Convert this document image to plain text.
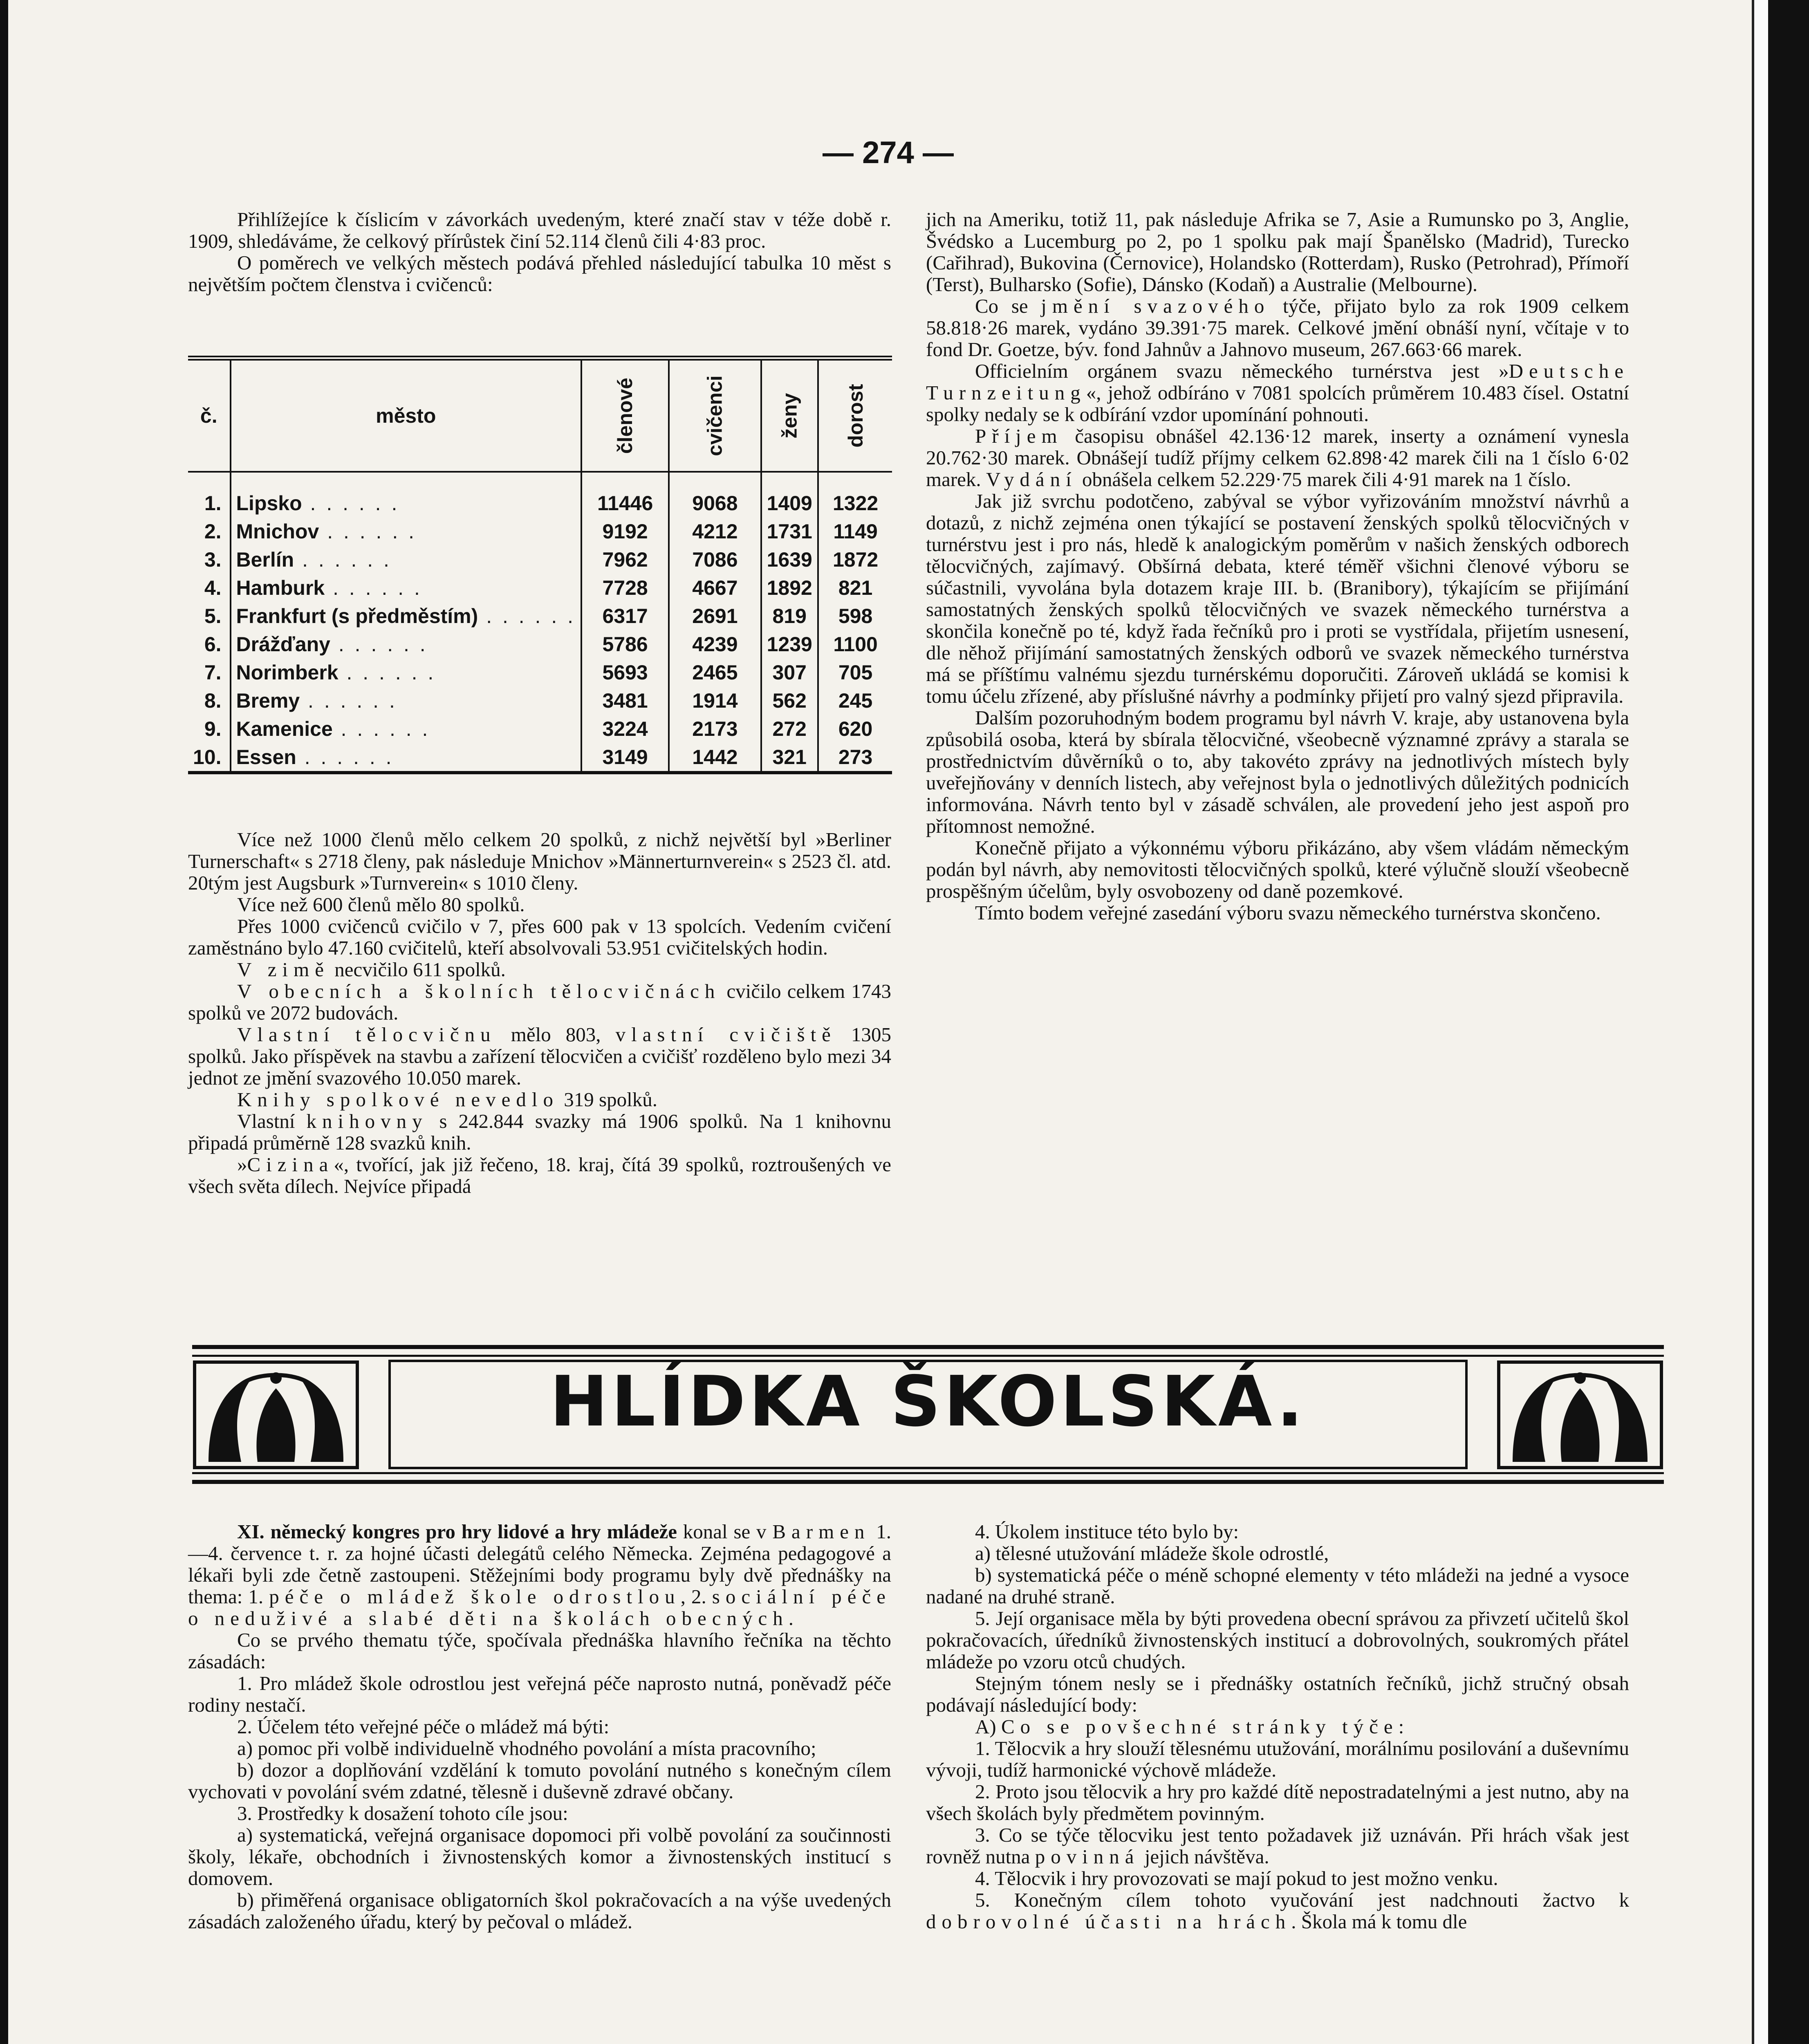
— 274 —

Přihlížejíce k číslicím v závorkách uvedeným, které značí stav v téže době r. 1909, shledáváme, že celkový přírůstek činí 52.114 členů čili 4·83 proc.

O poměrech ve velkých městech podává přehled následující tabulka 10 měst s největším počtem členstva i cvičenců:

č.	město	členové	cvičenci	ženy	dorost
1.	Lipsko . . . . . .	11446	9068	1409	1322
2.	Mnichov . . . . . .	9192	4212	1731	1149
3.	Berlín . . . . . .	7962	7086	1639	1872
4.	Hamburk . . . . . .	7728	4667	1892	821
5.	Frankfurt (s předměstím) . . . . . .	6317	2691	819	598
6.	Drážďany . . . . . .	5786	4239	1239	1100
7.	Norimberk . . . . . .	5693	2465	307	705
8.	Bremy . . . . . .	3481	1914	562	245
9.	Kamenice . . . . . .	3224	2173	272	620
10.	Essen . . . . . .	3149	1442	321	273

Více než 1000 členů mělo celkem 20 spolků, z nichž největší byl »Berliner Turnerschaft« s 2718 členy, pak následuje Mnichov »Männerturnverein« s 2523 čl. atd. 20tým jest Augsburk »Turnverein« s 1010 členy.

Více než 600 členů mělo 80 spolků.

Přes 1000 cvičenců cvičilo v 7, přes 600 pak v 13 spolcích. Vedením cvičení zaměstnáno bylo 47.160 cvičitelů, kteří absolvovali 53.951 cvičitelských hodin.

V zimě necvičilo 611 spolků.

V obecních a školních tělocvičnách cvičilo celkem 1743 spolků ve 2072 budovách.

Vlastní tělocvičnu mělo 803, vlastní cvičiště 1305 spolků. Jako příspěvek na stavbu a zařízení tělocvičen a cvičišť rozděleno bylo mezi 34 jednot ze jmění svazového 10.050 marek.

Knihy spolkové nevedlo 319 spolků.

Vlastní knihovny s 242.844 svazky má 1906 spolků. Na 1 knihovnu připadá průměrně 128 svazků knih.

»Cizina«, tvořící, jak již řečeno, 18. kraj, čítá 39 spolků, roztroušených ve všech světa dílech. Nejvíce připadá

jich na Ameriku, totiž 11, pak následuje Afrika se 7, Asie a Rumunsko po 3, Anglie, Švédsko a Lucemburg po 2, po 1 spolku pak mají Španělsko (Madrid), Turecko (Cařihrad), Bukovina (Černovice), Holandsko (Rotterdam), Rusko (Petrohrad), Přímoří (Terst), Bulharsko (Sofie), Dánsko (Kodaň) a Australie (Melbourne).

Co se jmění svazového týče, přijato bylo za rok 1909 celkem 58.818·26 marek, vydáno 39.391·75 marek. Celkové jmění obnáší nyní, včítaje v to fond Dr. Goetze, býv. fond Jahnův a Jahnovo museum, 267.663·66 marek.

Officielním orgánem svazu německého turnérstva jest »Deutsche Turnzeitung«, jehož odbíráno v 7081 spolcích průměrem 10.483 čísel. Ostatní spolky nedaly se k odbírání vzdor upomínání pohnouti.

Příjem časopisu obnášel 42.136·12 marek, inserty a oznámení vynesla 20.762·30 marek. Obnášejí tudíž příjmy celkem 62.898·42 marek čili na 1 číslo 6·02 marek. Vydání obnášela celkem 52.229·75 marek čili 4·91 marek na 1 číslo.

Jak již svrchu podotčeno, zabýval se výbor vyřizováním množství návrhů a dotazů, z nichž zejména onen týkající se postavení ženských spolků tělocvičných v turnérstvu jest i pro nás, hledě k analogickým poměrům v našich ženských odborech tělocvičných, zajímavý. Obšírná debata, které téměř všichni členové výboru se súčastnili, vyvolána byla dotazem kraje III. b. (Branibory), týkajícím se přijímání samostatných ženských spolků tělocvičných ve svazek německého turnérstva a skončila konečně po té, když řada řečníků pro i proti se vystřídala, přijetím usnesení, dle něhož přijímání samostatných ženských odborů ve svazek německého turnérstva má se příštímu valnému sjezdu turnérskému doporučiti. Zároveň ukládá se komisi k tomu účelu zřízené, aby příslušné návrhy a podmínky přijetí pro valný sjezd připravila.

Dalším pozoruhodným bodem programu byl návrh V. kraje, aby ustanovena byla způsobilá osoba, která by sbírala tělocvičné, všeobecně významné zprávy a starala se prostřednictvím důvěrníků o to, aby takovéto zprávy na jednotlivých místech byly uveřejňovány v denních listech, aby veřejnost byla o jednotlivých důležitých podnicích informována. Návrh tento byl v zásadě schválen, ale provedení jeho jest aspoň pro přítomnost nemožné.

Konečně přijato a výkonnému výboru přikázáno, aby všem vládám německým podán byl návrh, aby nemovitosti tělocvičných spolků, které výlučně slouží všeobecně prospěšným účelům, byly osvobozeny od daně pozemkové.

Tímto bodem veřejné zasedání výboru svazu německého turnérstva skončeno.

HLÍDKA ŠKOLSKÁ.

XI. německý kongres pro hry lidové a hry mládeže konal se v Barmen 1.—4. července t. r. za hojné účasti delegátů celého Německa. Zejména pedagogové a lékaři byli zde četně zastoupeni. Stěžejními body programu byly dvě přednášky na thema: 1. péče o mládež škole odrostlou, 2. sociální péče o neduživé a slabé děti na školách obecných.

Co se prvého thematu týče, spočívala přednáška hlavního řečníka na těchto zásadách:

1. Pro mládež škole odrostlou jest veřejná péče naprosto nutná, poněvadž péče rodiny nestačí.

2. Účelem této veřejné péče o mládež má býti:

a) pomoc při volbě individuelně vhodného povolání a místa pracovního;

b) dozor a doplňování vzdělání k tomuto povolání nutného s konečným cílem vychovati v povolání svém zdatné, tělesně i duševně zdravé občany.

3. Prostředky k dosažení tohoto cíle jsou:

a) systematická, veřejná organisace dopomoci při volbě povolání za součinnosti školy, lékaře, obchodních i živnostenských komor a živnostenských institucí s domovem.

b) přiměřená organisace obligatorních škol pokračovacích a na výše uvedených zásadách založeného úřadu, který by pečoval o mládež.

4. Úkolem instituce této bylo by:

a) tělesné utužování mládeže škole odrostlé,

b) systematická péče o méně schopné elementy v této mládeži na jedné a vysoce nadané na druhé straně.

5. Její organisace měla by býti provedena obecní správou za přivzetí učitelů škol pokračovacích, úředníků živnostenských institucí a dobrovolných, soukromých přátel mládeže po vzoru otců chudých.

Stejným tónem nesly se i přednášky ostatních řečníků, jichž stručný obsah podávají následující body:

A) Co se povšechné stránky týče:

1. Tělocvik a hry slouží tělesnému utužování, morálnímu posilování a duševnímu vývoji, tudíž harmonické výchově mládeže.

2. Proto jsou tělocvik a hry pro každé dítě nepostradatelnými a jest nutno, aby na všech školách byly předmětem povinným.

3. Co se týče tělocviku jest tento požadavek již uznáván. Při hrách však jest rovněž nutna povinná jejich návštěva.

4. Tělocvik i hry provozovati se mají pokud to jest možno venku.

5. Konečným cílem tohoto vyučování jest nadchnouti žactvo k dobrovolné účasti na hrách. Škola má k tomu dle
